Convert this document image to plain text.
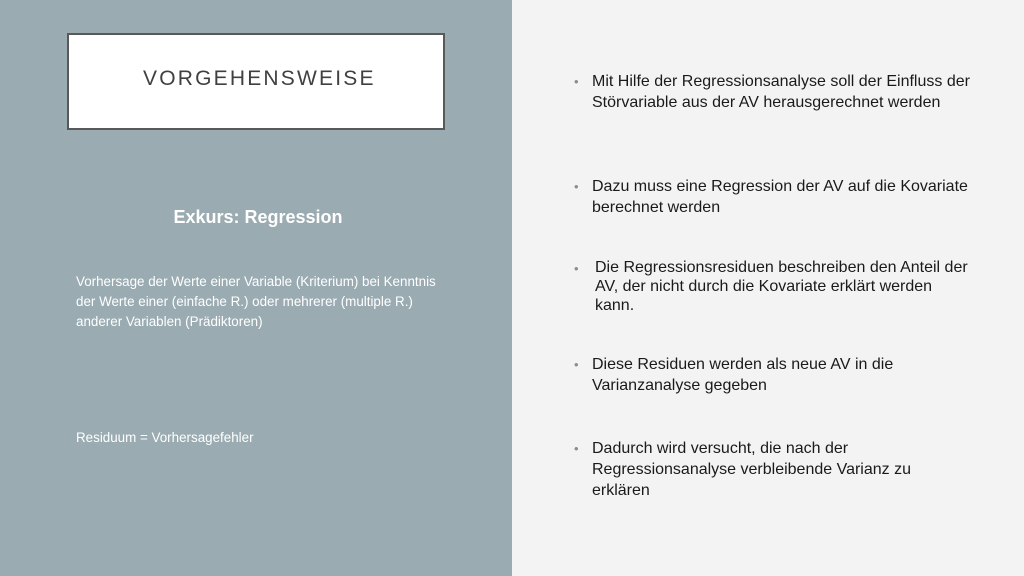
VORGEHENSWEISE
Exkurs: Regression
Vorhersage der Werte einer Variable (Kriterium) bei Kenntnis der Werte einer (einfache R.) oder mehrerer (multiple R.) anderer Variablen (Prädiktoren)
Residuum = Vorhersagefehler
• Mit Hilfe der Regressionsanalyse soll der Einfluss der Störvariable aus der AV herausgerechnet werden
• Dazu muss eine Regression der AV auf die Kovariate berechnet werden
• Die Regressionsresiduen beschreiben den Anteil der AV, der nicht durch die Kovariate erklärt werden kann.
• Diese Residuen werden als neue AV in die Varianzanalyse gegeben
• Dadurch wird versucht, die nach der Regressionsanalyse verbleibende Varianz zu erklären
